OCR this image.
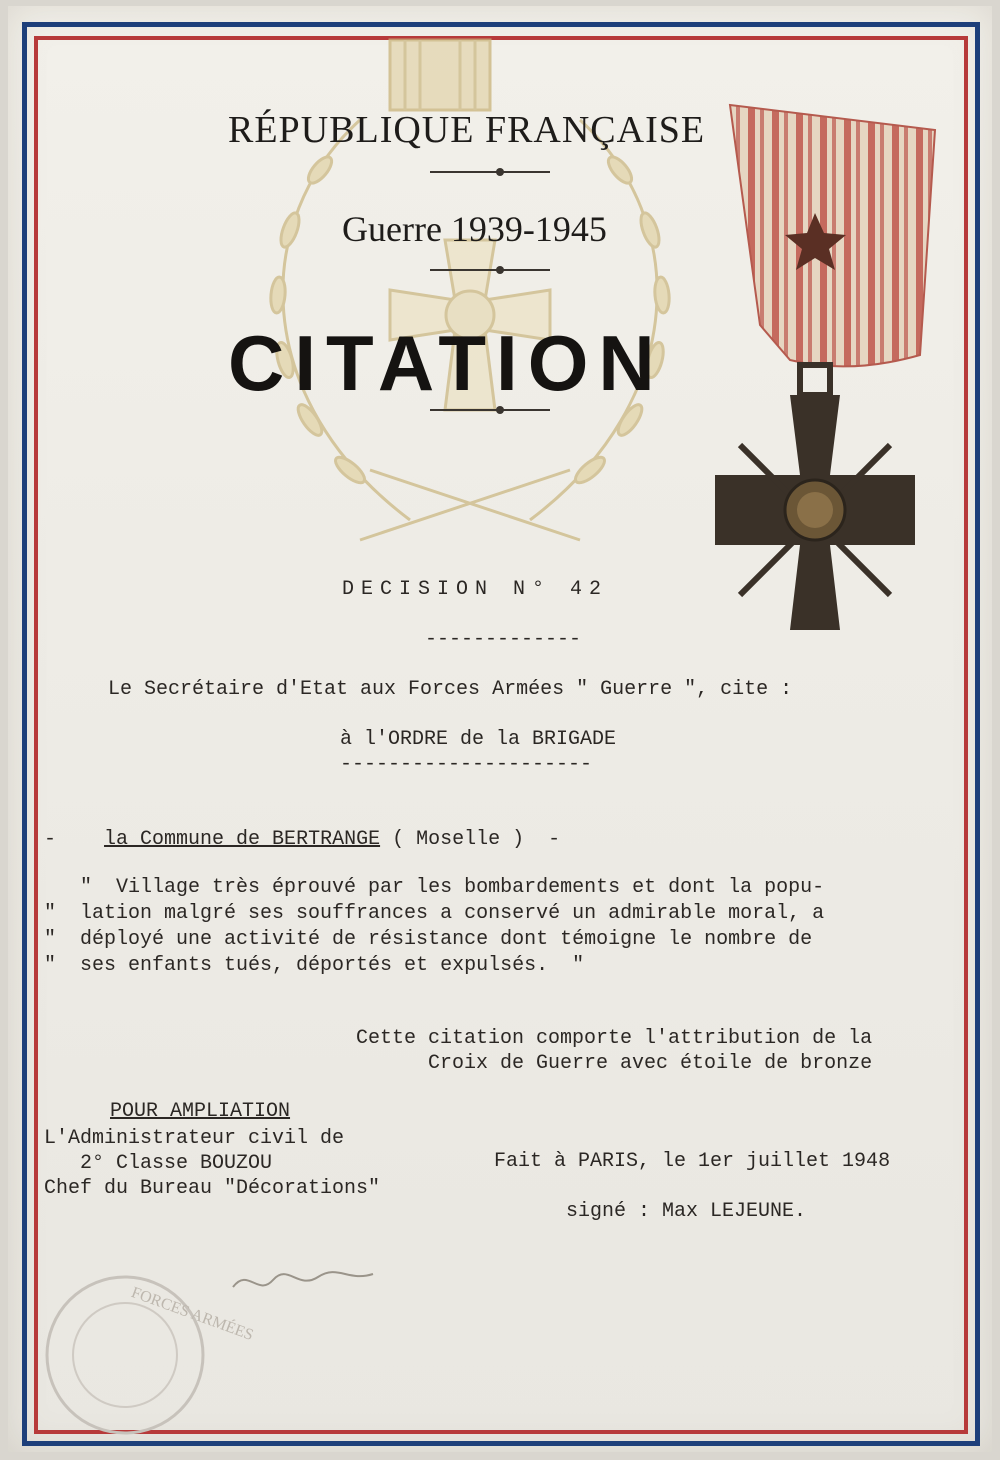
RÉPUBLIQUE FRANÇAISE
Guerre 1939-1945
CITATION
DECISION N° 42
-------------
Le Secrétaire d'Etat aux Forces Armées " Guerre ", cite :
à l'ORDRE de la BRIGADE
---------------------
- la Commune de BERTRANGE ( Moselle ) -
"  Village très éprouvé par les bombardements et dont la popu-
"  lation malgré ses souffrances a conservé un admirable moral, a
"  déployé une activité de résistance dont témoigne le nombre de
"  ses enfants tués, déportés et expulsés.  "
Cette citation comporte l'attribution de la
Croix de Guerre avec étoile de bronze
POUR AMPLIATION
L'Administrateur civil de
2° Classe BOUZOU
Chef du Bureau "Décorations"
Fait à PARIS, le 1er juillet 1948
signé : Max LEJEUNE.
FORCES ARMÉES
